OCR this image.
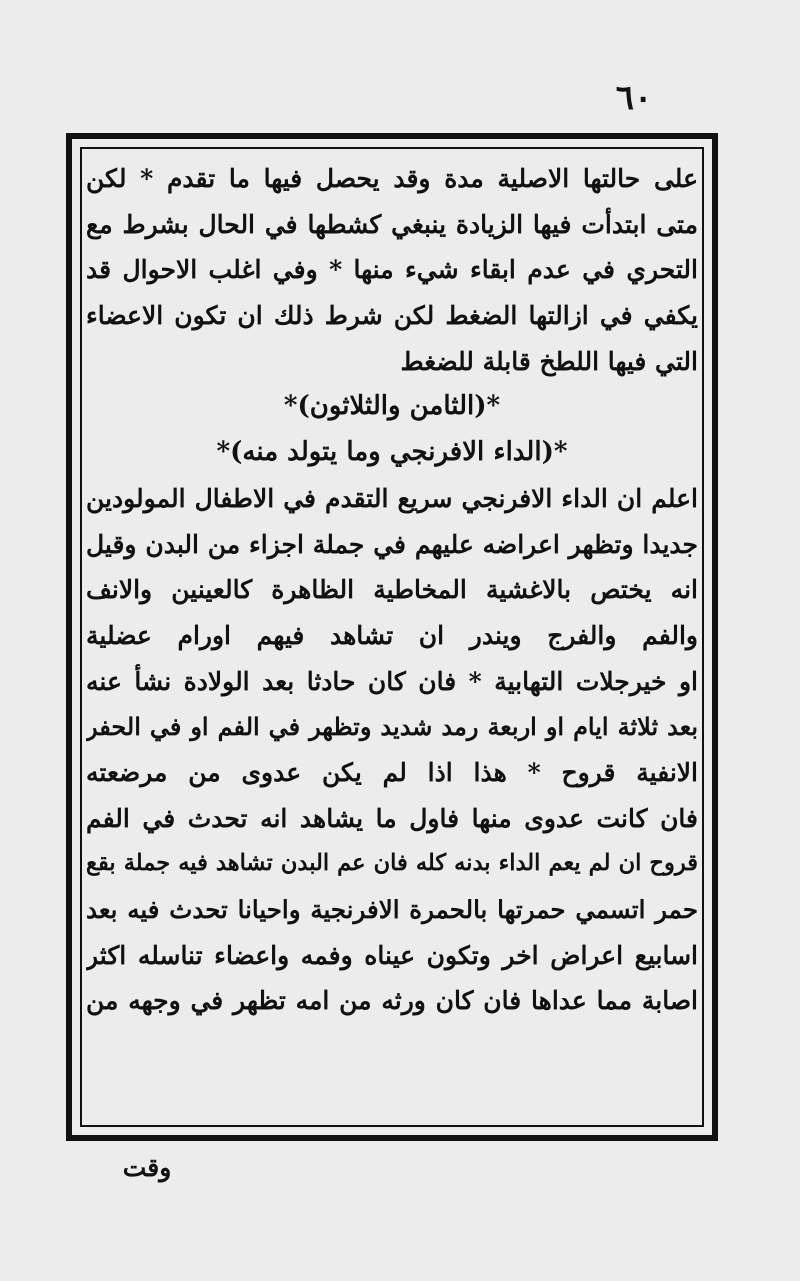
٦٠
على حالتها الاصلية مدة وقد يحصل فيها ما تقدم * لكن
متى ابتدأت فيها الزيادة ينبغي كشطها في الحال بشرط مع
التحري في عدم ابقاء شيء منها * وفي اغلب الاحوال قد
يكفي في ازالتها الضغط لكن شرط ذلك ان تكون الاعضاء
التي فيها اللطخ قابلة للضغط
*(الثامن والثلاثون)*
*(الداء الافرنجي وما يتولد منه)*
اعلم ان الداء الافرنجي سريع التقدم في الاطفال المولودين
جديدا وتظهر اعراضه عليهم في جملة اجزاء من البدن وقيل
انه يختص بالاغشية المخاطية الظاهرة كالعينين والانف
والفم والفرج ويندر ان تشاهد فيهم اورام عضلية
او خيرجلات التهابية * فان كان حادثا بعد الولادة نشأ عنه
بعد ثلاثة ايام او اربعة رمد شديد وتظهر في الفم او في الحفر
الانفية قروح * هذا اذا لم يكن عدوى من مرضعته
فان كانت عدوى منها فاول ما يشاهد انه تحدث في الفم
قروح ان لم يعم الداء بدنه كله فان عم البدن تشاهد فيه جملة بقع
حمر اتسمي حمرتها بالحمرة الافرنجية واحيانا تحدث فيه بعد
اسابيع اعراض اخر وتكون عيناه وفمه واعضاء تناسله اكثر
اصابة مما عداها فان كان ورثه من امه تظهر في وجهه من
وقت
